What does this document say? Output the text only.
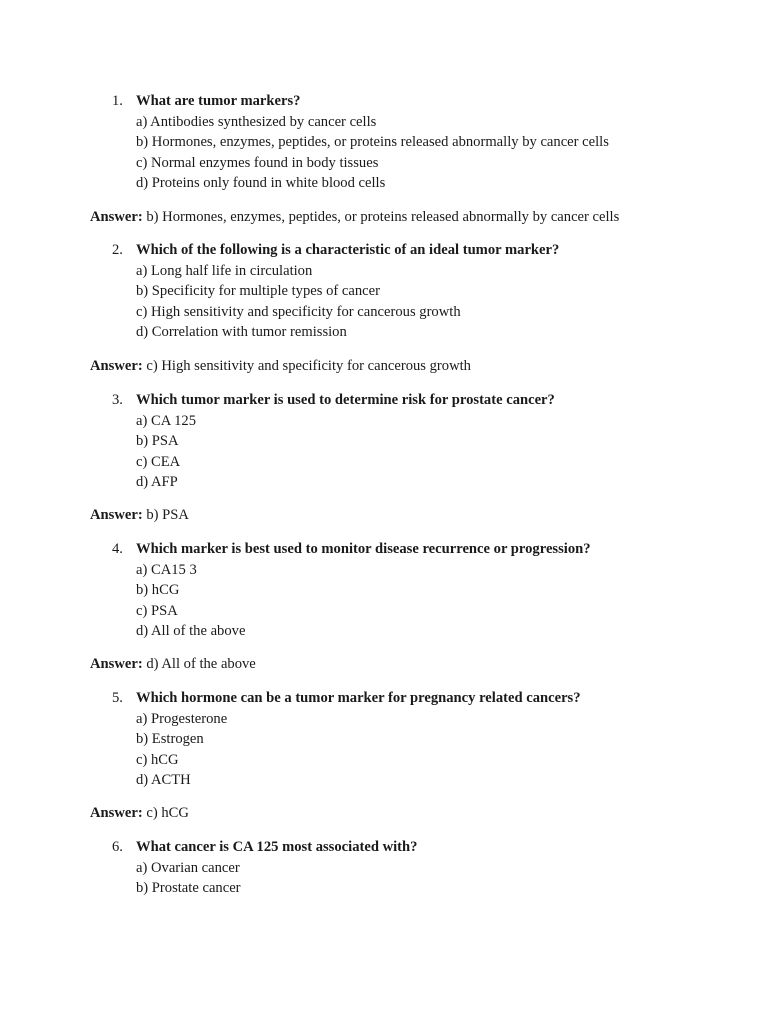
1. What are tumor markers?
a) Antibodies synthesized by cancer cells
b) Hormones, enzymes, peptides, or proteins released abnormally by cancer cells
c) Normal enzymes found in body tissues
d) Proteins only found in white blood cells
Answer: b) Hormones, enzymes, peptides, or proteins released abnormally by cancer cells
2. Which of the following is a characteristic of an ideal tumor marker?
a) Long half life in circulation
b) Specificity for multiple types of cancer
c) High sensitivity and specificity for cancerous growth
d) Correlation with tumor remission
Answer: c) High sensitivity and specificity for cancerous growth
3. Which tumor marker is used to determine risk for prostate cancer?
a) CA 125
b) PSA
c) CEA
d) AFP
Answer: b) PSA
4. Which marker is best used to monitor disease recurrence or progression?
a) CA15 3
b) hCG
c) PSA
d) All of the above
Answer: d) All of the above
5. Which hormone can be a tumor marker for pregnancy related cancers?
a) Progesterone
b) Estrogen
c) hCG
d) ACTH
Answer: c) hCG
6. What cancer is CA 125 most associated with?
a) Ovarian cancer
b) Prostate cancer
